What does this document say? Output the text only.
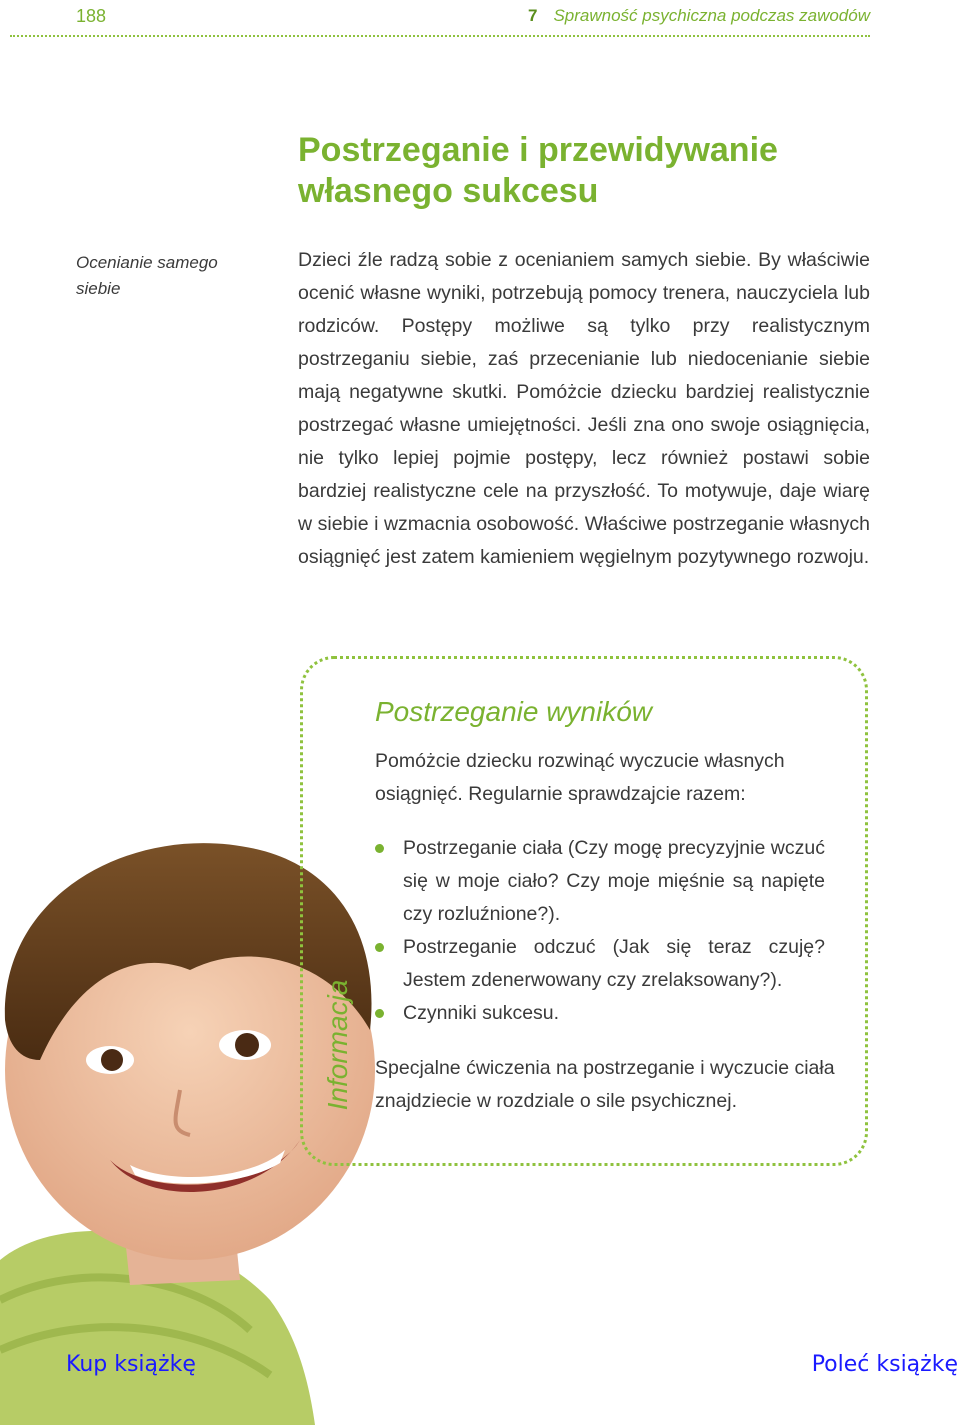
188	7 Sprawność psychiczna podczas zawodów
Postrzeganie i przewidywanie własnego sukcesu
Ocenianie samego siebie

Dzieci źle radzą sobie z ocenianiem samych siebie. By właściwie ocenić własne wyniki, potrzebują pomocy trenera, nauczyciela lub rodziców. Postępy możliwe są tylko przy realistycznym postrzeganiu siebie, zaś przecenianie lub niedocenianie siebie mają negatywne skutki. Pomóżcie dziecku bardziej realistycznie postrzegać własne umiejętności. Jeśli zna ono swoje osiągnięcia, nie tylko lepiej pojmie postępy, lecz również postawi sobie bardziej realistyczne cele na przyszłość. To motywuje, daje wiarę w siebie i wzmacnia osobowość. Właściwe postrzeganie własnych osiągnięć jest zatem kamieniem węgielnym pozytywnego rozwoju.

Informacja
Postrzeganie wyników

Pomóżcie dziecku rozwinąć wyczucie własnych osiągnięć. Regularnie sprawdzajcie razem:

Postrzeganie ciała (Czy mogę precyzyjnie wczuć się w moje ciało? Czy moje mięśnie są napięte czy rozluźnione?).
Postrzeganie odczuć (Jak się teraz czuję? Jestem zdenerwowany czy zrelaksowany?).
Czynniki sukcesu.

Specjalne ćwiczenia na postrzeganie i wyczucie ciała znajdziecie w rozdziale o sile psychicznej.

Kup książkę	Poleć książkę
